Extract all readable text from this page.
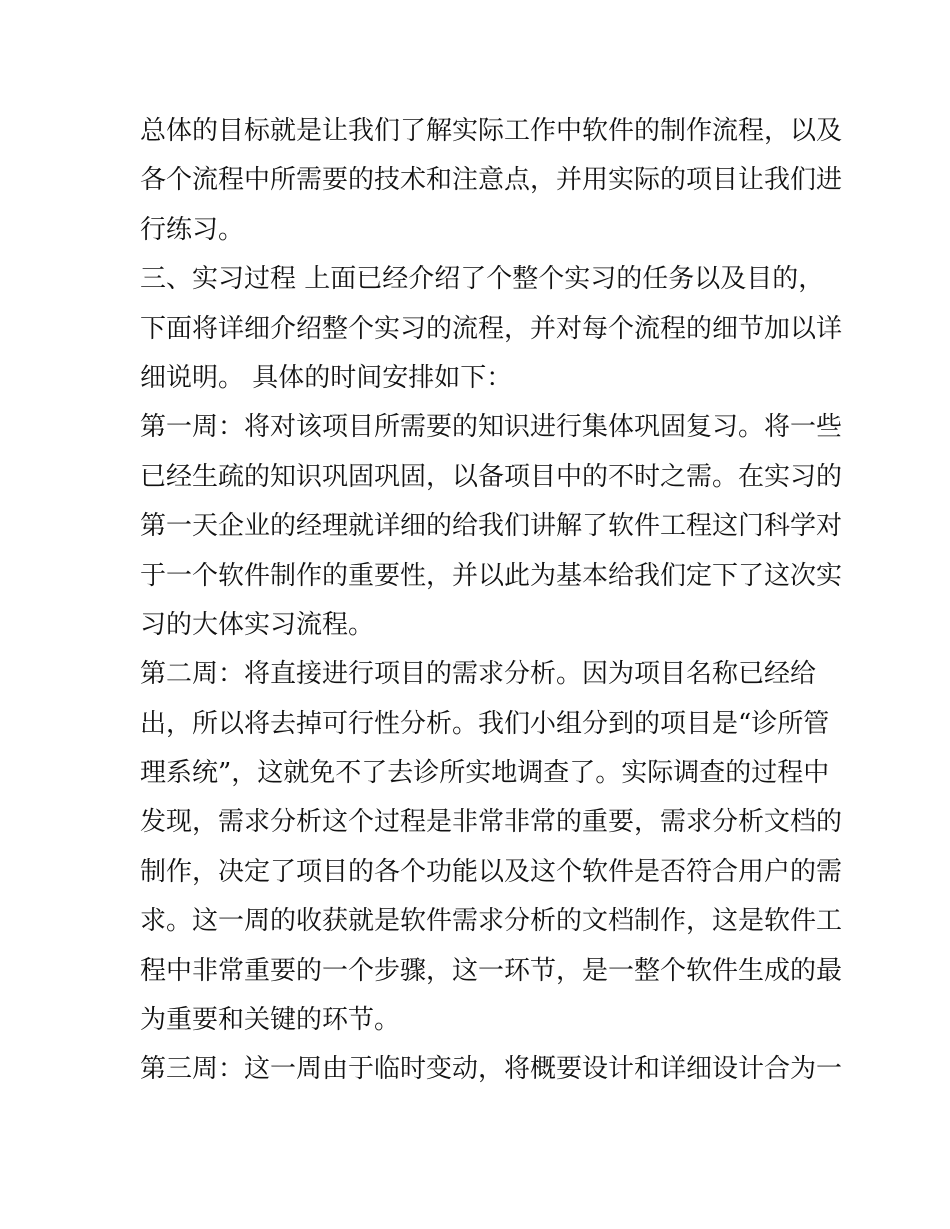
总体的目标就是让我们了解实际工作中软件的制作流程，以及
各个流程中所需要的技术和注意点，并用实际的项目让我们进
行练习。
三、实习过程 上面已经介绍了个整个实习的任务以及目的，
下面将详细介绍整个实习的流程，并对每个流程的细节加以详
细说明。 具体的时间安排如下：
第一周：将对该项目所需要的知识进行集体巩固复习。将一些
已经生疏的知识巩固巩固，以备项目中的不时之需。在实习的
第一天企业的经理就详细的给我们讲解了软件工程这门科学对
于一个软件制作的重要性，并以此为基本给我们定下了这次实
习的大体实习流程。
第二周：将直接进行项目的需求分析。因为项目名称已经给
出，所以将去掉可行性分析。我们小组分到的项目是“诊所管
理系统”，这就免不了去诊所实地调查了。实际调查的过程中
发现，需求分析这个过程是非常非常的重要，需求分析文档的
制作，决定了项目的各个功能以及这个软件是否符合用户的需
求。这一周的收获就是软件需求分析的文档制作，这是软件工
程中非常重要的一个步骤，这一环节，是一整个软件生成的最
为重要和关键的环节。
第三周：这一周由于临时变动，将概要设计和详细设计合为一
